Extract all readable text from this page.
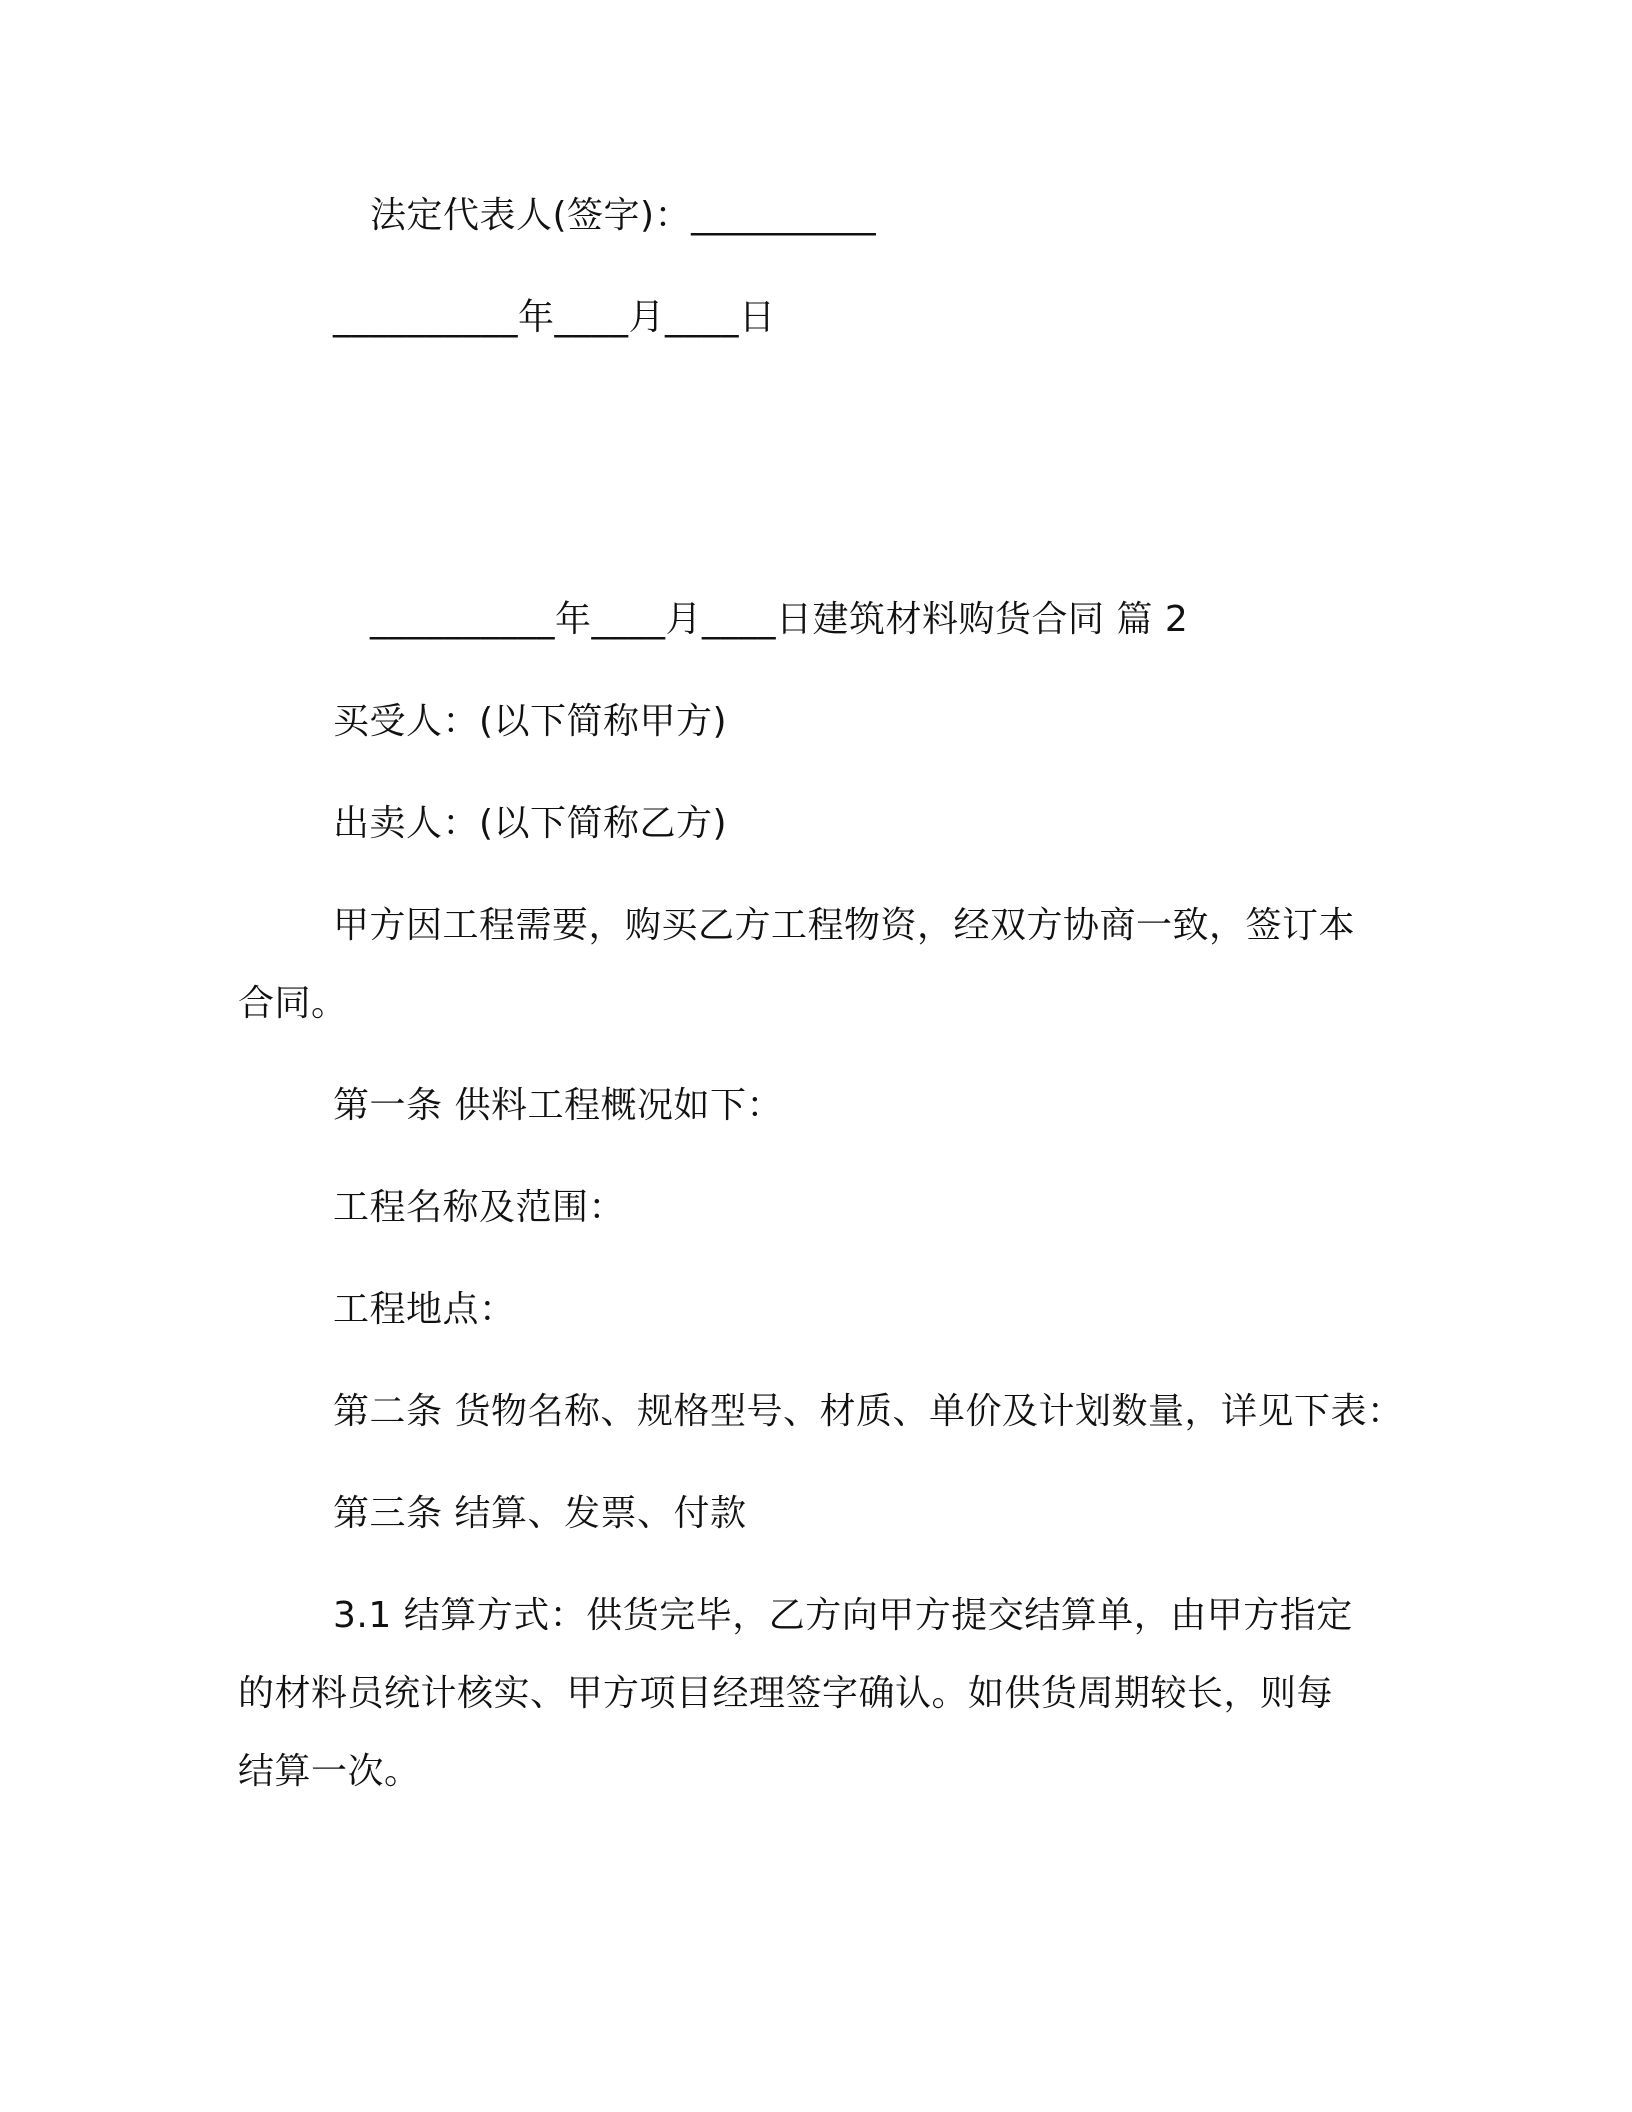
法定代表人(签字)：__________
__________年____月____日
__________年____月____日建筑材料购货合同 篇 2
买受人：(以下简称甲方)
出卖人：(以下简称乙方)
甲方因工程需要，购买乙方工程物资，经双方协商一致，签订本
合同。
第一条 供料工程概况如下：
工程名称及范围：
工程地点：
第二条 货物名称、规格型号、材质、单价及计划数量，详见下表：
第三条 结算、发票、付款
3.1 结算方式：供货完毕，乙方向甲方提交结算单，由甲方指定
的材料员统计核实、甲方项目经理签字确认。如供货周期较长，则每
结算一次。
